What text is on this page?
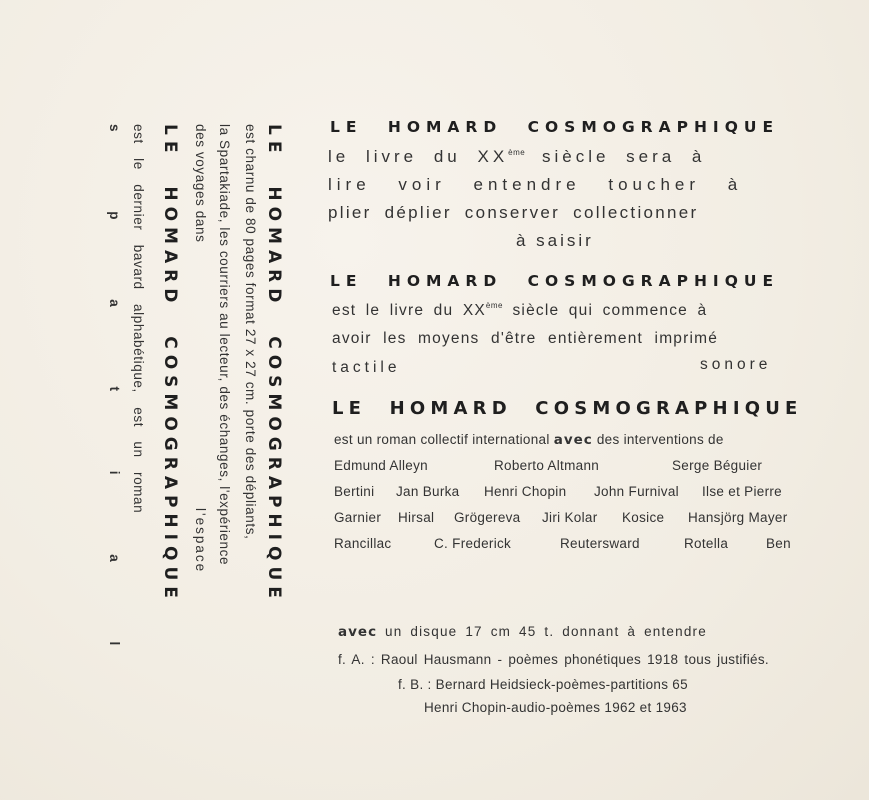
LE HOMARD COSMOGRAPHIQUE
est charnu de 80 pages format 27 x 27 cm. porte des dépliants,
la Spartakiade, les courriers au lecteur, des échanges, l'expérience
des voyages dans
l'espace
LE HOMARD COSMOGRAPHIQUE
est le dernier bavard alphabétique, est un roman
s p a t i a l	LE HOMARD COSMOGRAPHIQUE
le livre du XXème siècle sera à
lire voir entendre toucher à
plier déplier conserver collectionner
à saisir
LE HOMARD COSMOGRAPHIQUE
est le livre du XXème siècle qui commence à
avoir les moyens d'être entièrement imprimé
tactile	sonore
LE HOMARD COSMOGRAPHIQUE
est un roman collectif international avec des interventions de
Edmund Alleyn	Roberto Altmann	Serge Béguier
Bertini Jan Burka Henri Chopin John Furnival Ilse et Pierre
Garnier Hirsal Grögereva Jiri Kolar Kosice Hansjörg Mayer
Rancillac	C. Frederick	Reutersward	Rotella	Ben
avec un disque 17 cm 45 t. donnant à entendre
f. A. : Raoul Hausmann - poèmes phonétiques 1918 tous justifiés.
f. B. : Bernard Heidsieck-poèmes-partitions 65
Henri Chopin-audio-poèmes 1962 et 1963
